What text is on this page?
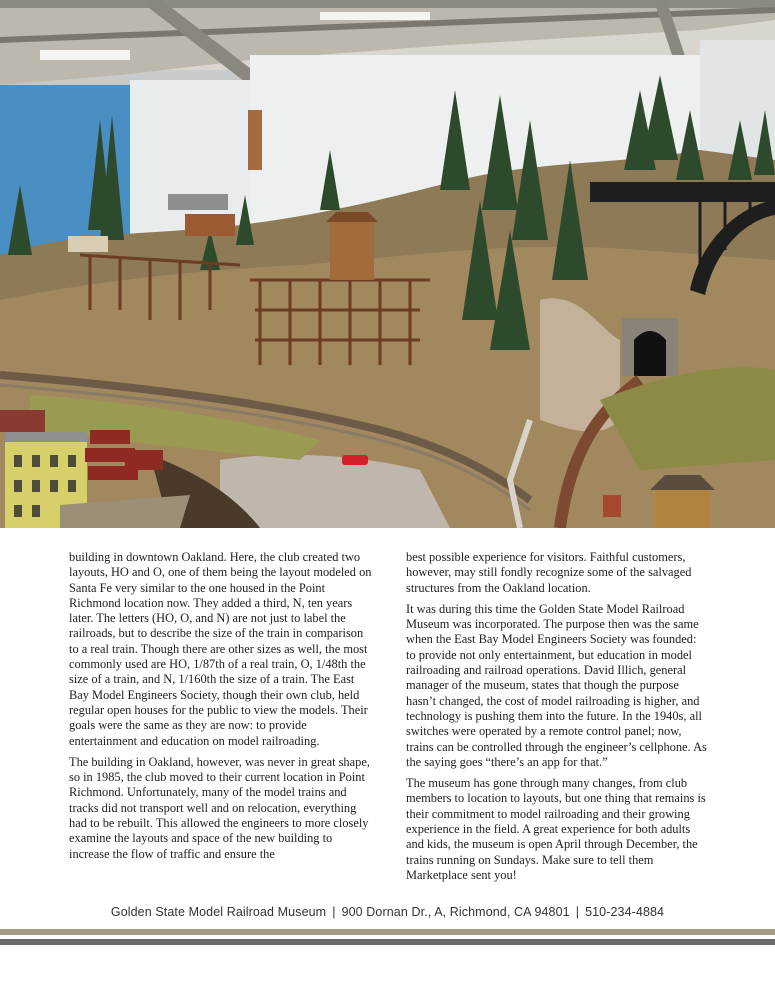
building in downtown Oakland. Here, the club created two layouts, HO and O, one of them being the layout modeled on Santa Fe very similar to the one housed in the Point Richmond location now. They added a third, N, ten years later. The letters (HO, O, and N) are not just to label the railroads, but to describe the size of the train in comparison to a real train. Though there are other sizes as well, the most commonly used are HO, 1/87th of a real train, O, 1/48th the size of a train, and N, 1/160th the size of a train. The East Bay Model Engineers Society, though their own club, held regular open houses for the public to view the models. Their goals were the same as they are now: to provide entertainment and education on model railroading.

The building in Oakland, however, was never in great shape, so in 1985, the club moved to their current location in Point Richmond. Unfortunately, many of the model trains and tracks did not transport well and on relocation, everything had to be rebuilt. This allowed the engineers to more closely examine the layouts and space of the new building to increase the flow of traffic and ensure the

best possible experience for visitors. Faithful customers, however, may still fondly recognize some of the salvaged structures from the Oakland location.

It was during this time the Golden State Model Railroad Museum was incorporated. The purpose then was the same when the East Bay Model Engineers Society was founded: to provide not only entertainment, but education in model railroading and railroad operations. David Illich, general manager of the museum, states that though the purpose hasn’t changed, the cost of model railroading is higher, and technology is pushing them into the future. In the 1940s, all switches were operated by a remote control panel; now, trains can be controlled through the engineer’s cellphone. As the saying goes “there’s an app for that.”

The museum has gone through many changes, from club members to location to layouts, but one thing that remains is their commitment to model railroading and their growing experience in the field. A great experience for both adults and kids, the museum is open April through December, the trains running on Sundays. Make sure to tell them Marketplace sent you!

Golden State Model Railroad Museum | 900 Dornan Dr., A, Richmond, CA 94801 | 510-234-4884
